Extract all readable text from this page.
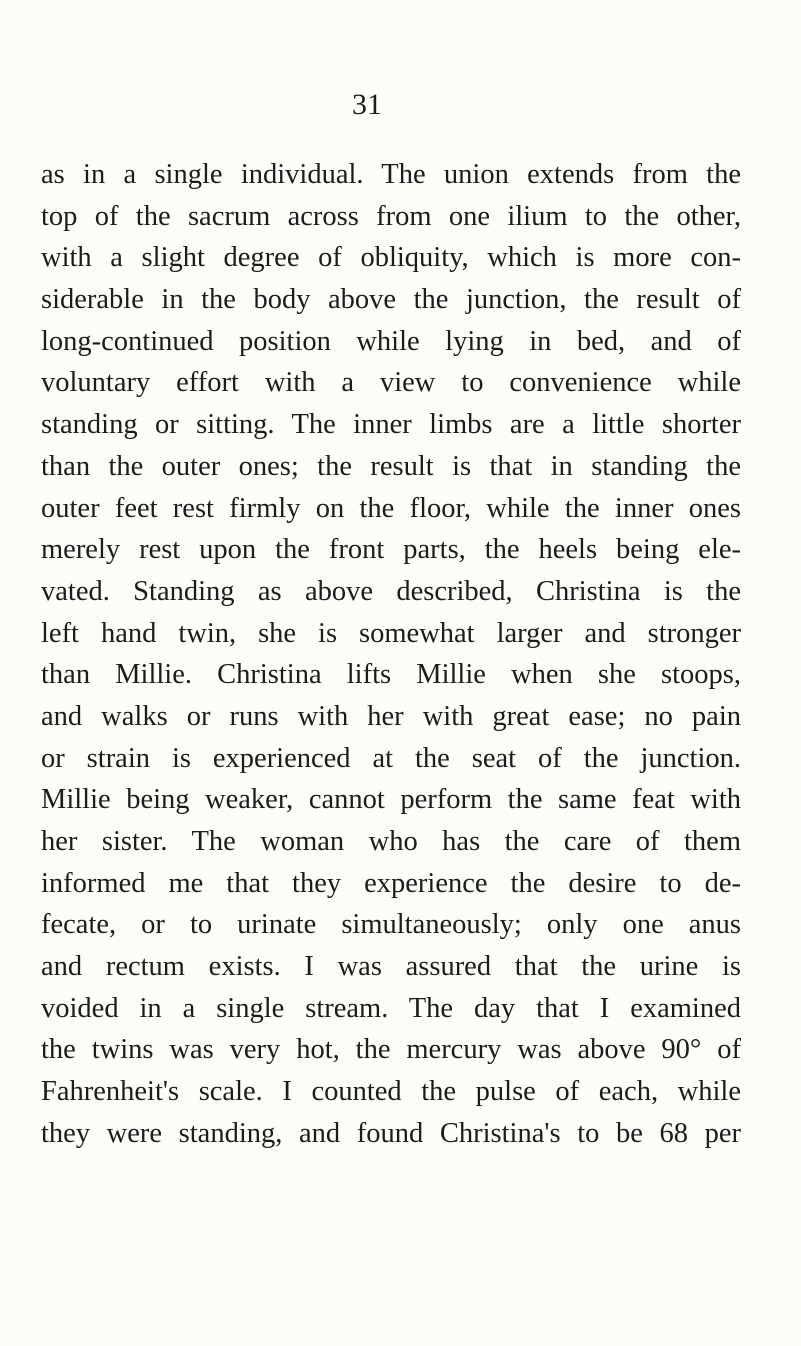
31
as in a single individual. The union extends from the
top of the sacrum across from one ilium to the other,
with a slight degree of obliquity, which is more con-
siderable in the body above the junction, the result of
long-continued position while lying in bed, and of
voluntary effort with a view to convenience while
standing or sitting. The inner limbs are a little shorter
than the outer ones; the result is that in standing the
outer feet rest firmly on the floor, while the inner ones
merely rest upon the front parts, the heels being ele-
vated. Standing as above described, Christina is the
left hand twin, she is somewhat larger and stronger
than Millie. Christina lifts Millie when she stoops,
and walks or runs with her with great ease; no pain
or strain is experienced at the seat of the junction.
Millie being weaker, cannot perform the same feat with
her sister. The woman who has the care of them
informed me that they experience the desire to de-
fecate, or to urinate simultaneously; only one anus
and rectum exists. I was assured that the urine is
voided in a single stream. The day that I examined
the twins was very hot, the mercury was above 90° of
Fahrenheit's scale. I counted the pulse of each, while
they were standing, and found Christina's to be 68 per
